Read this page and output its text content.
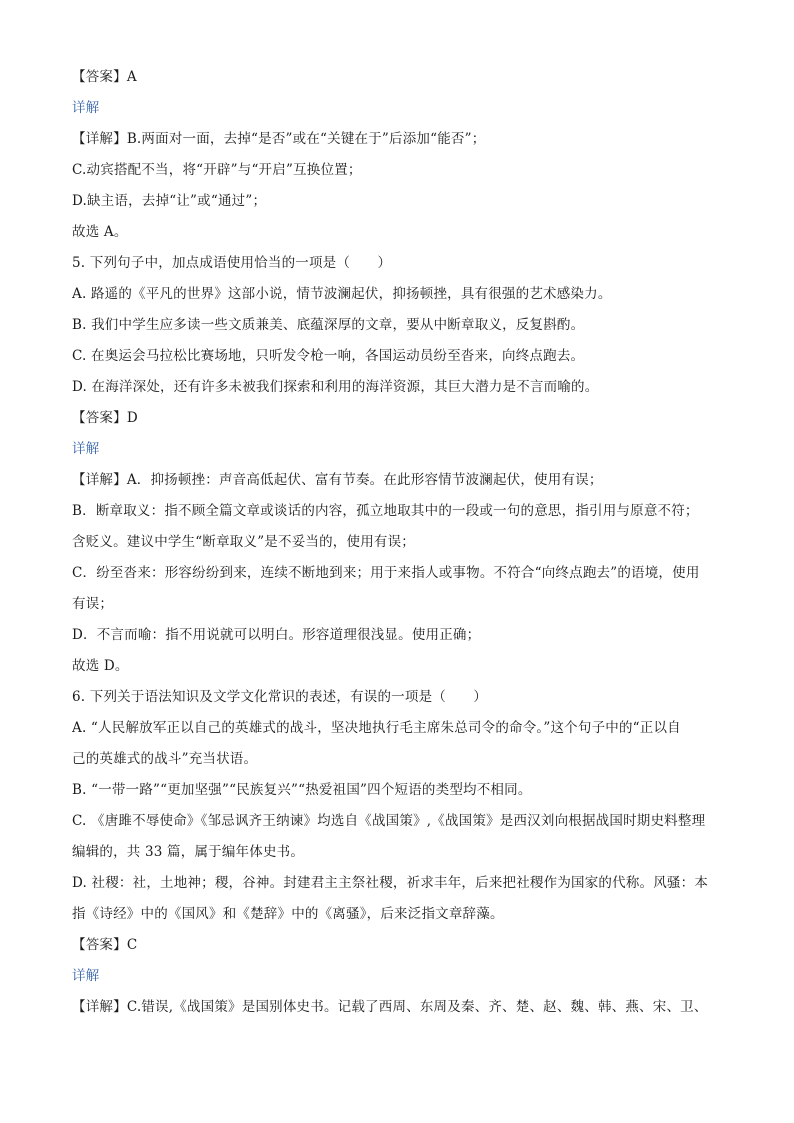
【答案】A
详解
【详解】B.两面对一面，去掉“是否”或在“关键在于”后添加“能否”；
C.动宾搭配不当，将“开辟”与“开启”互换位置；
D.缺主语，去掉“让”或“通过”；
故选 A。
5. 下列句子中，加点成语使用恰当的一项是（　　）
A. 路遥的《平凡的世界》这部小说，情节波澜起伏，抑扬顿挫，具有很强的艺术感染力。
B. 我们中学生应多读一些文质兼美、底蕴深厚的文章，要从中断章取义，反复斟酌。
C. 在奥运会马拉松比赛场地，只听发令枪一响，各国运动员纷至沓来，向终点跑去。
D. 在海洋深处，还有许多未被我们探索和利用的海洋资源，其巨大潜力是不言而喻的。
【答案】D
详解
【详解】A．抑扬顿挫：声音高低起伏、富有节奏。在此形容情节波澜起伏，使用有误；
B．断章取义：指不顾全篇文章或谈话的内容，孤立地取其中的一段或一句的意思，指引用与原意不符；
含贬义。建议中学生“断章取义”是不妥当的，使用有误；
C．纷至沓来：形容纷纷到来，连续不断地到来；用于来指人或事物。不符合“向终点跑去”的语境，使用
有误；
D．不言而喻：指不用说就可以明白。形容道理很浅显。使用正确；
故选 D。
6. 下列关于语法知识及文学文化常识的表述，有误的一项是（　　）
A. “人民解放军正以自己的英雄式的战斗，坚决地执行毛主席朱总司令的命令。”这个句子中的“正以自
己的英雄式的战斗”充当状语。
B. “一带一路”“更加坚强”“民族复兴”“热爱祖国”四个短语的类型均不相同。
C. 《唐雎不辱使命》《邹忌讽齐王纳谏》均选自《战国策》,《战国策》是西汉刘向根据战国时期史料整理
编辑的，共 33 篇，属于编年体史书。
D. 社稷：社，土地神；稷，谷神。封建君主主祭社稷，祈求丰年，后来把社稷作为国家的代称。风骚：本
指《诗经》中的《国风》和《楚辞》中的《离骚》，后来泛指文章辞藻。
【答案】C
详解
【详解】C.错误,《战国策》是国别体史书。记载了西周、东周及秦、齐、楚、赵、魏、韩、燕、宋、卫、
